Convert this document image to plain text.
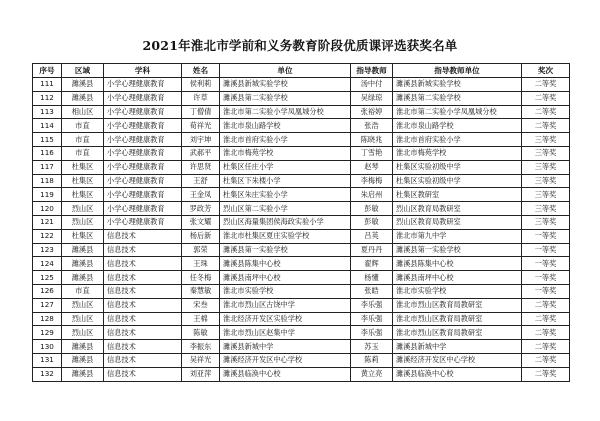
2021年淮北市学前和义务教育阶段优质课评选获奖名单
序号	区域	学科	姓名	单位	指导教师	指导教师单位	奖次
111	濉溪县	小学心理健康教育	侯利莉	濉溪县新城实验学校	汤中付	濉溪县新城实验学校	二等奖
112	濉溪县	小学心理健康教育	许草	濉溪县第二实验学校	吴绿琼	濉溪县第二实验学校	二等奖
113	相山区	小学心理健康教育	丁僧倩	淮北市第二实验小学凤凰城分校	张裕婷	淮北市第二实验小学凤凰城分校	二等奖
114	市直	小学心理健康教育	荀祥光	淮北市泉山路学校	张浩	淮北市泉山路学校	二等奖
115	市直	小学心理健康教育	刘宇坤	淮北市首府实验小学	陈晓兆	淮北市首府实验小学	三等奖
116	市直	小学心理健康教育	武郝平	淮北市梅苑学校	丁雪艳	淮北市梅苑学校	三等奖
117	杜集区	小学心理健康教育	许思贤	杜集区任庄小学	赵琴	杜集区实验初级中学	三等奖
118	杜集区	小学心理健康教育	王舒	杜集区下朱楼小学	李梅梅	杜集区实验初级中学	三等奖
119	杜集区	小学心理健康教育	王金凤	杜集区朱庄实验小学	朱启州	杜集区教研室	三等奖
120	烈山区	小学心理健康教育	罗政芳	烈山区第二实验小学	彭敏	烈山区教育局教研室	三等奖
121	烈山区	小学心理健康教育	张文耀	烈山区海量集团侯海政实验小学	彭敏	烈山区教育局教研室	三等奖
122	杜集区	信息技术	杨后新	淮北市杜集区夏庄实验学校	吕英	淮北市第九中学	一等奖
123	濉溪县	信息技术	郭荣	濉溪县第一实验学校	夏丹丹	濉溪县第一实验学校	一等奖
124	濉溪县	信息技术	王珠	濉溪县陈集中心校	翟辉	濉溪县陈集中心校	一等奖
125	濉溪县	信息技术	任冬梅	濉溪县南坪中心校	杨懂	濉溪县南坪中心校	一等奖
126	市直	信息技术	秦慧敏	淮北市实验学校	张皓	淮北市实验学校	一等奖
127	烈山区	信息技术	宋叁	淮北市烈山区古饶中学	李乐强	淮北市烈山区教育局教研室	二等奖
128	烈山区	信息技术	王棉	淮北经济开发区实验学校	李乐强	淮北市烈山区教育局教研室	二等奖
129	烈山区	信息技术	陈敏	淮北市烈山区赵集中学	李乐强	淮北市烈山区教育局教研室	二等奖
130	濉溪县	信息技术	李振东	濉溪县新城中学	苏玉	濉溪县新城中学	二等奖
131	濉溪县	信息技术	吴祥光	濉溪经济开发区中心学校	陈莉	濉溪经济开发区中心学校	二等奖
132	濉溪县	信息技术	刘亚萍	濉溪县临涣中心校	黄立亮	濉溪县临涣中心校	二等奖
